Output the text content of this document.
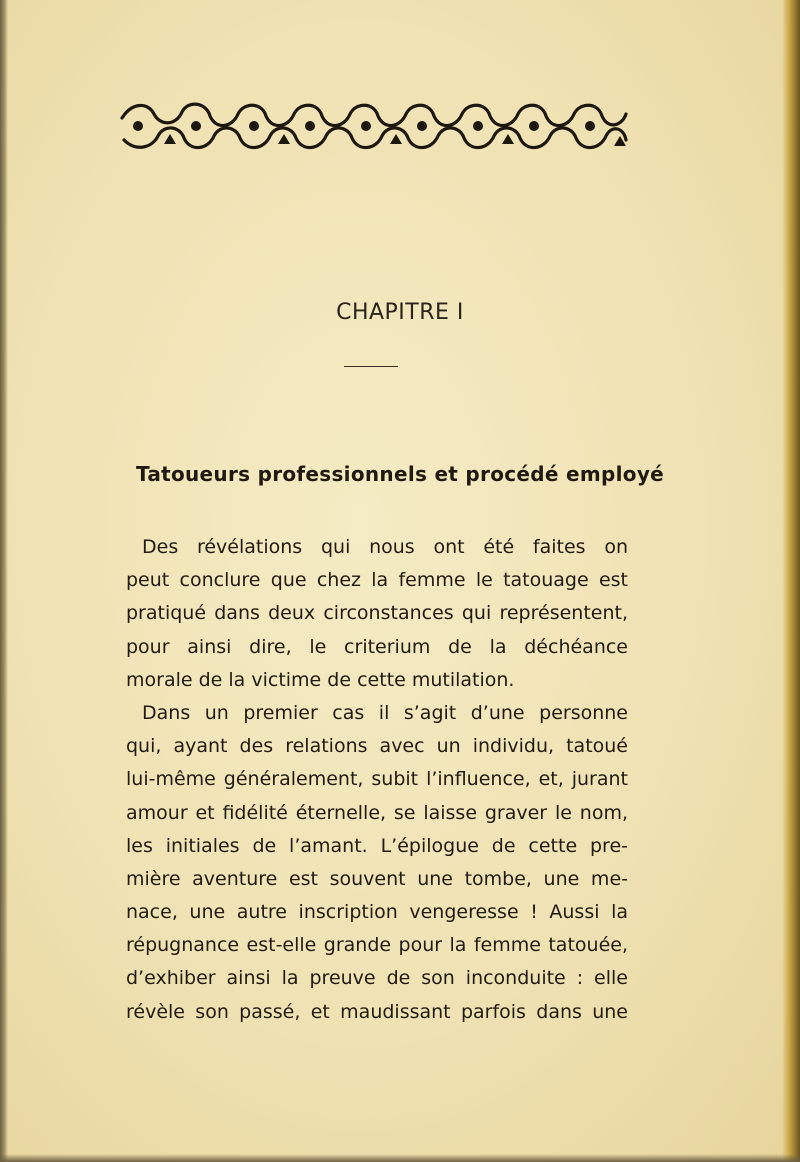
CHAPITRE I
Tatoueurs professionnels et procédé employé
Des révélations qui nous ont été faites on
peut conclure que chez la femme le tatouage est
pratiqué dans deux circonstances qui représentent,
pour ainsi dire, le criterium de la déchéance
morale de la victime de cette mutilation.
Dans un premier cas il s’agit d’une personne
qui, ayant des relations avec un individu, tatoué
lui-même généralement, subit l’influence, et, jurant
amour et fidélité éternelle, se laisse graver le nom,
les initiales de l’amant. L’épilogue de cette pre-
mière aventure est souvent une tombe, une me-
nace, une autre inscription vengeresse ! Aussi la
répugnance est-elle grande pour la femme tatouée,
d’exhiber ainsi la preuve de son inconduite : elle
révèle son passé, et maudissant parfois dans une
